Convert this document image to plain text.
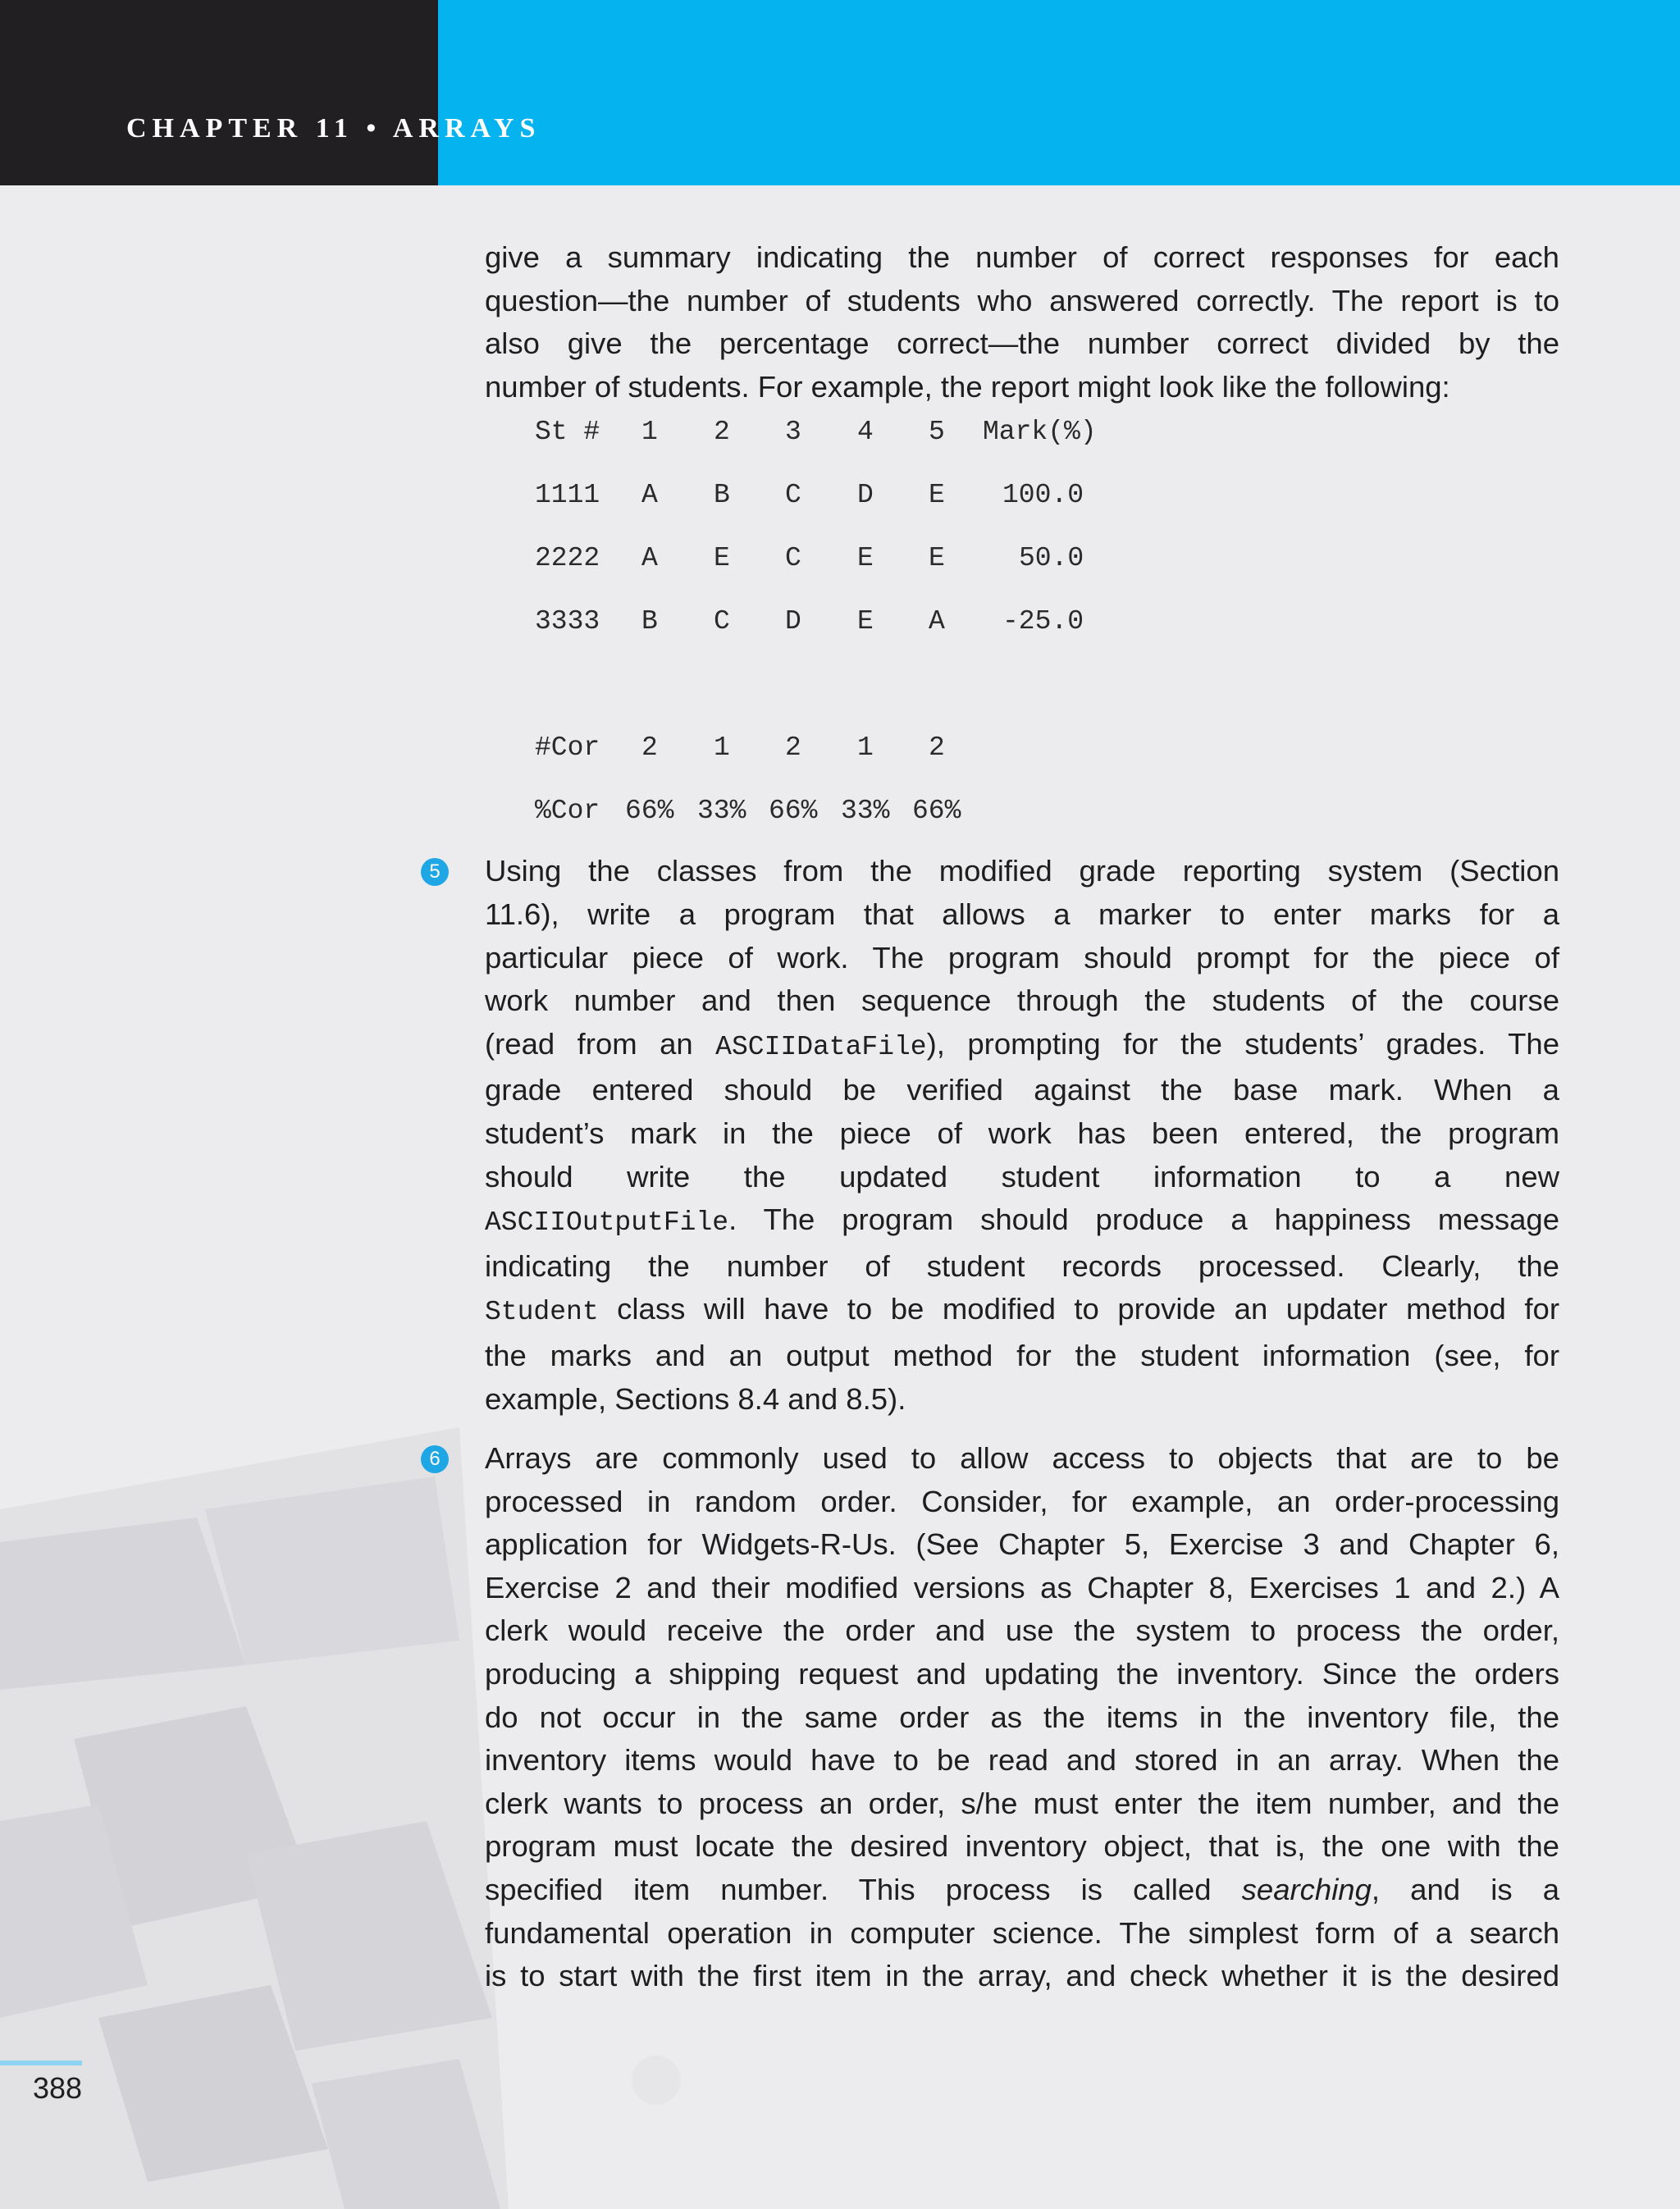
CHAPTER 11 • ARRAYS
388

give a summary indicating the number of correct responses for each

question—the number of students who answered correctly. The report is to

also give the percentage correct—the number correct divided by the

number of students. For example, the report might look like the following:

St # 1 2 3 4 5 Mark(%)
1111 A B C D E 100.0
2222 A E C E E	50.0
3333 B C D E A -25.0
#Cor 2 1 2 1 2
%Cor 66% 33% 66% 33% 66%
5 Using the classes from the modified grade reporting system (Section

11.6), write a program that allows a marker to enter marks for a

particular piece of work. The program should prompt for the piece of

work number and then sequence through the students of the course

(read from an ASCIIDataFile), prompting for the students’ grades. The

grade entered should be verified against the base mark. When a

student’s mark in the piece of work has been entered, the program

should write the updated student information to a new

ASCIIOutputFile. The program should produce a happiness message

indicating the number of student records processed. Clearly, the

Student class will have to be modified to provide an updater method for

the marks and an output method for the student information (see, for

example, Sections 8.4 and 8.5).

6 Arrays are commonly used to allow access to objects that are to be

processed in random order. Consider, for example, an order-processing

application for Widgets-R-Us. (See Chapter 5, Exercise 3 and Chapter 6,

Exercise 2 and their modified versions as Chapter 8, Exercises 1 and 2.) A

clerk would receive the order and use the system to process the order,

producing a shipping request and updating the inventory. Since the orders

do not occur in the same order as the items in the inventory file, the

inventory items would have to be read and stored in an array. When the

clerk wants to process an order, s/he must enter the item number, and the

program must locate the desired inventory object, that is, the one with the

specified item number. This process is called searching, and is a

fundamental operation in computer science. The simplest form of a search

is to start with the first item in the array, and check whether it is the desired
